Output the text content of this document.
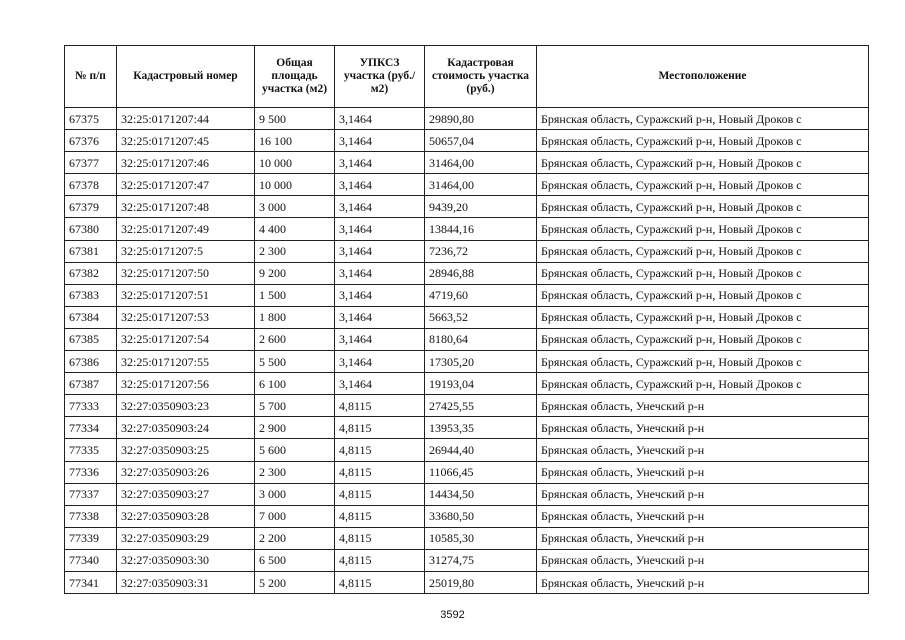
№ п/п	Кадастровый номер	Общая площадь участка (м2)	УПКСЗ участка (руб./м2)	Кадастровая стоимость участка (руб.)	Местоположение
67375	32:25:0171207:44	9 500	3,1464	29890,80	Брянская область, Суражский р-н, Новый Дроков с
67376	32:25:0171207:45	16 100	3,1464	50657,04	Брянская область, Суражский р-н, Новый Дроков с
67377	32:25:0171207:46	10 000	3,1464	31464,00	Брянская область, Суражский р-н, Новый Дроков с
67378	32:25:0171207:47	10 000	3,1464	31464,00	Брянская область, Суражский р-н, Новый Дроков с
67379	32:25:0171207:48	3 000	3,1464	9439,20	Брянская область, Суражский р-н, Новый Дроков с
67380	32:25:0171207:49	4 400	3,1464	13844,16	Брянская область, Суражский р-н, Новый Дроков с
67381	32:25:0171207:5	2 300	3,1464	7236,72	Брянская область, Суражский р-н, Новый Дроков с
67382	32:25:0171207:50	9 200	3,1464	28946,88	Брянская область, Суражский р-н, Новый Дроков с
67383	32:25:0171207:51	1 500	3,1464	4719,60	Брянская область, Суражский р-н, Новый Дроков с
67384	32:25:0171207:53	1 800	3,1464	5663,52	Брянская область, Суражский р-н, Новый Дроков с
67385	32:25:0171207:54	2 600	3,1464	8180,64	Брянская область, Суражский р-н, Новый Дроков с
67386	32:25:0171207:55	5 500	3,1464	17305,20	Брянская область, Суражский р-н, Новый Дроков с
67387	32:25:0171207:56	6 100	3,1464	19193,04	Брянская область, Суражский р-н, Новый Дроков с
77333	32:27:0350903:23	5 700	4,8115	27425,55	Брянская область, Унечский р-н
77334	32:27:0350903:24	2 900	4,8115	13953,35	Брянская область, Унечский р-н
77335	32:27:0350903:25	5 600	4,8115	26944,40	Брянская область, Унечский р-н
77336	32:27:0350903:26	2 300	4,8115	11066,45	Брянская область, Унечский р-н
77337	32:27:0350903:27	3 000	4,8115	14434,50	Брянская область, Унечский р-н
77338	32:27:0350903:28	7 000	4,8115	33680,50	Брянская область, Унечский р-н
77339	32:27:0350903:29	2 200	4,8115	10585,30	Брянская область, Унечский р-н
77340	32:27:0350903:30	6 500	4,8115	31274,75	Брянская область, Унечский р-н
77341	32:27:0350903:31	5 200	4,8115	25019,80	Брянская область, Унечский р-н
3592
